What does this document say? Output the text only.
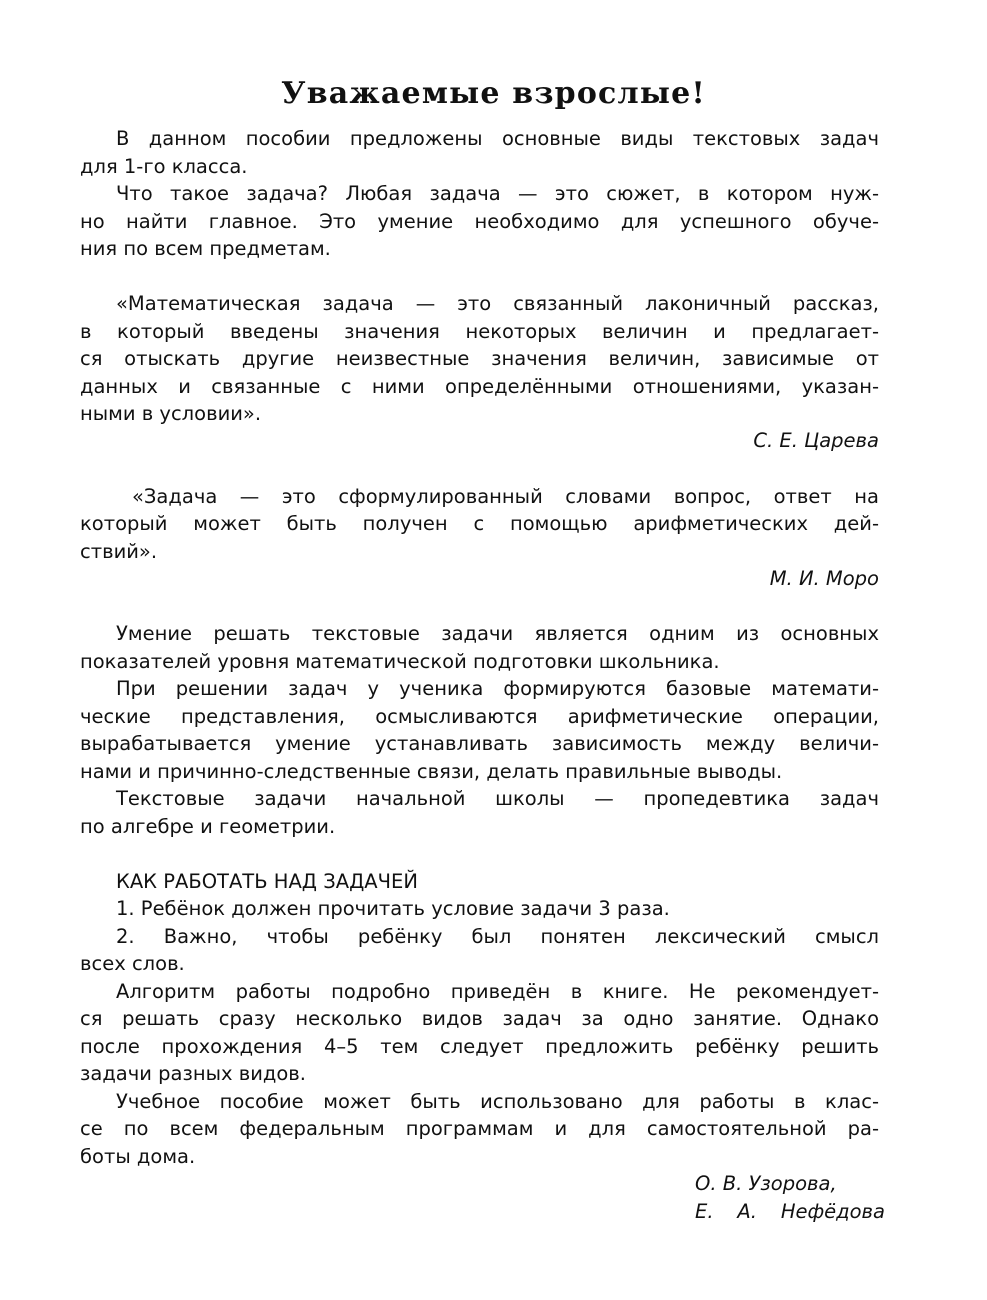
Уважаемые взрослые!
В данном пособии предложены основные виды текстовых задач
для 1-го класса.
Что такое задача? Любая задача — это сюжет, в котором нуж-
но найти главное. Это умение необходимо для успешного обуче-
ния по всем предметам.
«Математическая задача — это связанный лаконичный рассказ,
в который введены значения некоторых величин и предлагает-
ся отыскать другие неизвестные значения величин, зависимые от
данных и связанные с ними определёнными отношениями, указан-
ными в условии».
С. Е. Царева
«Задача — это сформулированный словами вопрос, ответ на
который может быть получен с помощью арифметических дей-
ствий».
М. И. Моро
Умение решать текстовые задачи является одним из основных
показателей уровня математической подготовки школьника.
При решении задач у ученика формируются базовые математи-
ческие представления, осмысливаются арифметические операции,
вырабатывается умение устанавливать зависимость между величи-
нами и причинно-следственные связи, делать правильные выводы.
Текстовые задачи начальной школы — пропедевтика задач
по алгебре и геометрии.
КАК РАБОТАТЬ НАД ЗАДАЧЕЙ
1. Ребёнок должен прочитать условие задачи 3 раза.
2. Важно, чтобы ребёнку был понятен лексический смысл
всех слов.
Алгоритм работы подробно приведён в книге. Не рекомендует-
ся решать сразу несколько видов задач за одно занятие. Однако
после прохождения 4–5 тем следует предложить ребёнку решить
задачи разных видов.
Учебное пособие может быть использовано для работы в клас-
се по всем федеральным программам и для самостоятельной ра-
боты дома.
О. В. Узорова,
Е. А. Нефёдова
